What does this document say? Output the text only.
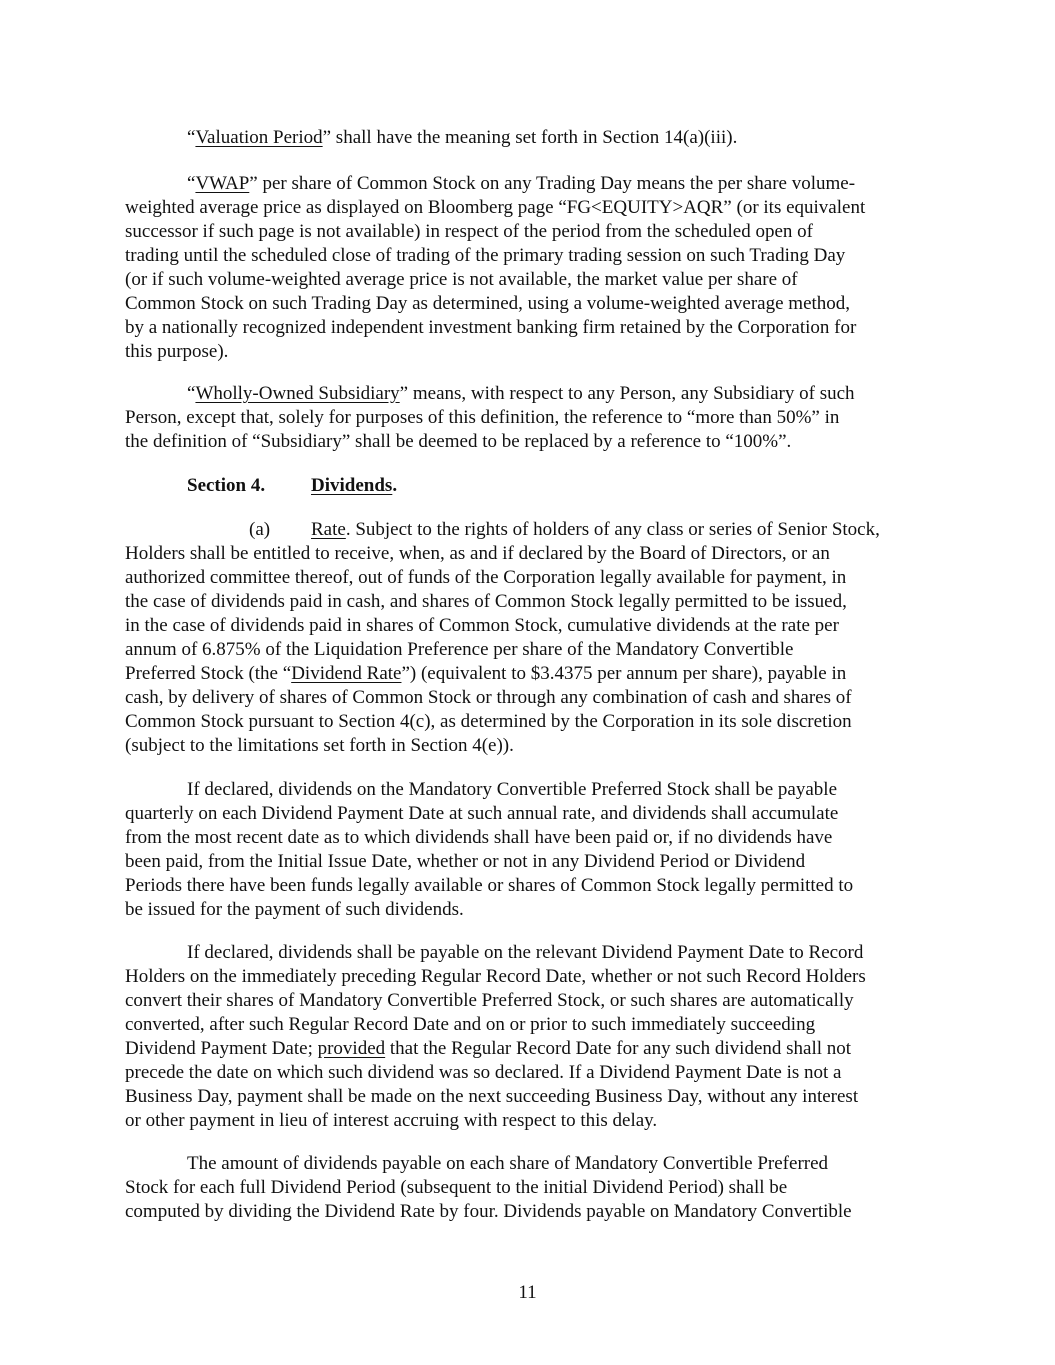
“Valuation Period” shall have the meaning set forth in Section 14(a)(iii).
“VWAP” per share of Common Stock on any Trading Day means the per share volume-
weighted average price as displayed on Bloomberg page “FG<EQUITY>AQR” (or its equivalent
successor if such page is not available) in respect of the period from the scheduled open of
trading until the scheduled close of trading of the primary trading session on such Trading Day
(or if such volume-weighted average price is not available, the market value per share of
Common Stock on such Trading Day as determined, using a volume-weighted average method,
by a nationally recognized independent investment banking firm retained by the Corporation for
this purpose).
“Wholly-Owned Subsidiary” means, with respect to any Person, any Subsidiary of such
Person, except that, solely for purposes of this definition, the reference to “more than 50%” in
the definition of “Subsidiary” shall be deemed to be replaced by a reference to “100%”.
Section 4. Dividends.
(a) Rate. Subject to the rights of holders of any class or series of Senior Stock,
Holders shall be entitled to receive, when, as and if declared by the Board of Directors, or an
authorized committee thereof, out of funds of the Corporation legally available for payment, in
the case of dividends paid in cash, and shares of Common Stock legally permitted to be issued,
in the case of dividends paid in shares of Common Stock, cumulative dividends at the rate per
annum of 6.875% of the Liquidation Preference per share of the Mandatory Convertible
Preferred Stock (the “Dividend Rate”) (equivalent to $3.4375 per annum per share), payable in
cash, by delivery of shares of Common Stock or through any combination of cash and shares of
Common Stock pursuant to Section 4(c), as determined by the Corporation in its sole discretion
(subject to the limitations set forth in Section 4(e)).
If declared, dividends on the Mandatory Convertible Preferred Stock shall be payable
quarterly on each Dividend Payment Date at such annual rate, and dividends shall accumulate
from the most recent date as to which dividends shall have been paid or, if no dividends have
been paid, from the Initial Issue Date, whether or not in any Dividend Period or Dividend
Periods there have been funds legally available or shares of Common Stock legally permitted to
be issued for the payment of such dividends.
If declared, dividends shall be payable on the relevant Dividend Payment Date to Record
Holders on the immediately preceding Regular Record Date, whether or not such Record Holders
convert their shares of Mandatory Convertible Preferred Stock, or such shares are automatically
converted, after such Regular Record Date and on or prior to such immediately succeeding
Dividend Payment Date; provided that the Regular Record Date for any such dividend shall not
precede the date on which such dividend was so declared. If a Dividend Payment Date is not a
Business Day, payment shall be made on the next succeeding Business Day, without any interest
or other payment in lieu of interest accruing with respect to this delay.
The amount of dividends payable on each share of Mandatory Convertible Preferred
Stock for each full Dividend Period (subsequent to the initial Dividend Period) shall be
computed by dividing the Dividend Rate by four. Dividends payable on Mandatory Convertible
11
